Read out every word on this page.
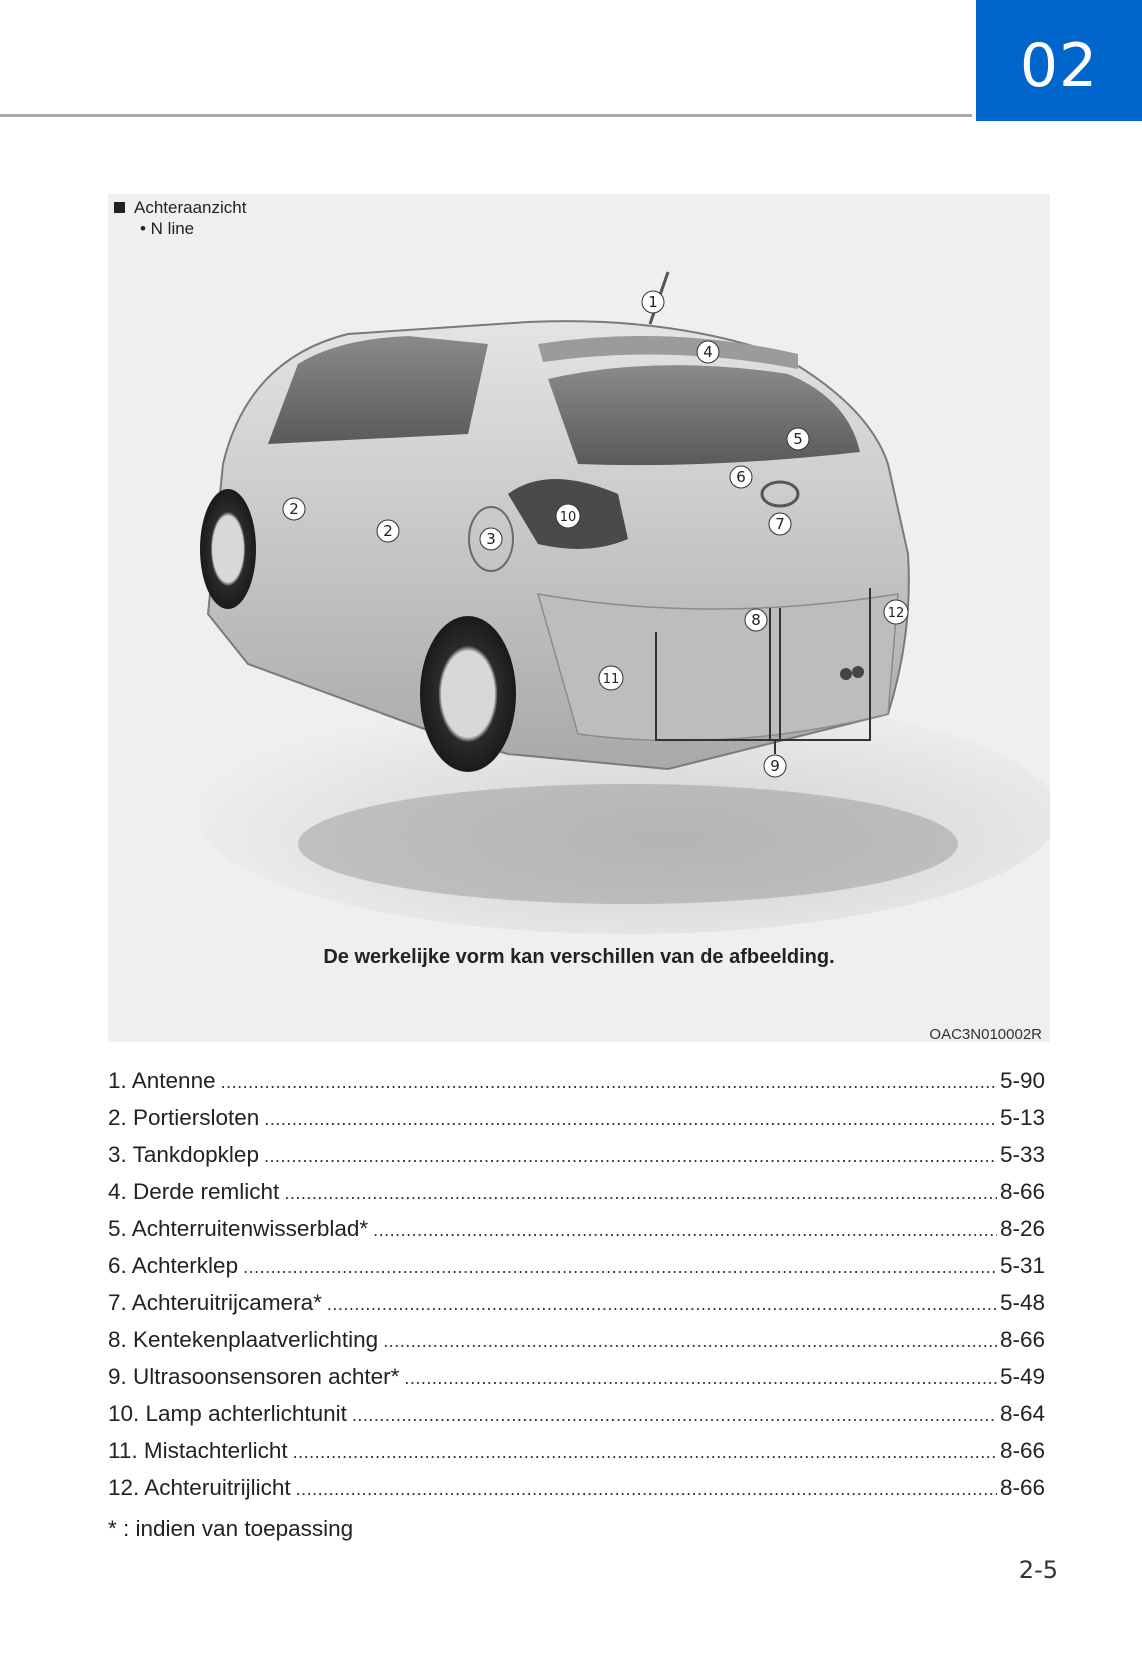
02
Achteraanzicht
• N line
1
2
2	3
4
5
6
7
8
9
10
11
12
De werkelijke vorm kan verschillen van de afbeelding.
OAC3N010002R
1. Antenne .....	5-90
2. Portiersloten .....	5-13
3. Tankdopklep .....	5-33
4. Derde remlicht .....	8-66
5. Achterruitenwisserblad* .....	8-26
6. Achterklep .....	5-31
7. Achteruitrijcamera* .....	5-48
8. Kentekenplaatverlichting .....	8-66
9. Ultrasoonsensoren achter* .....	5-49
10. Lamp achterlichtunit .....	8-64
11. Mistachterlicht .....	8-66
12. Achteruitrijlicht .....	8-66
* : indien van toepassing
2-5
